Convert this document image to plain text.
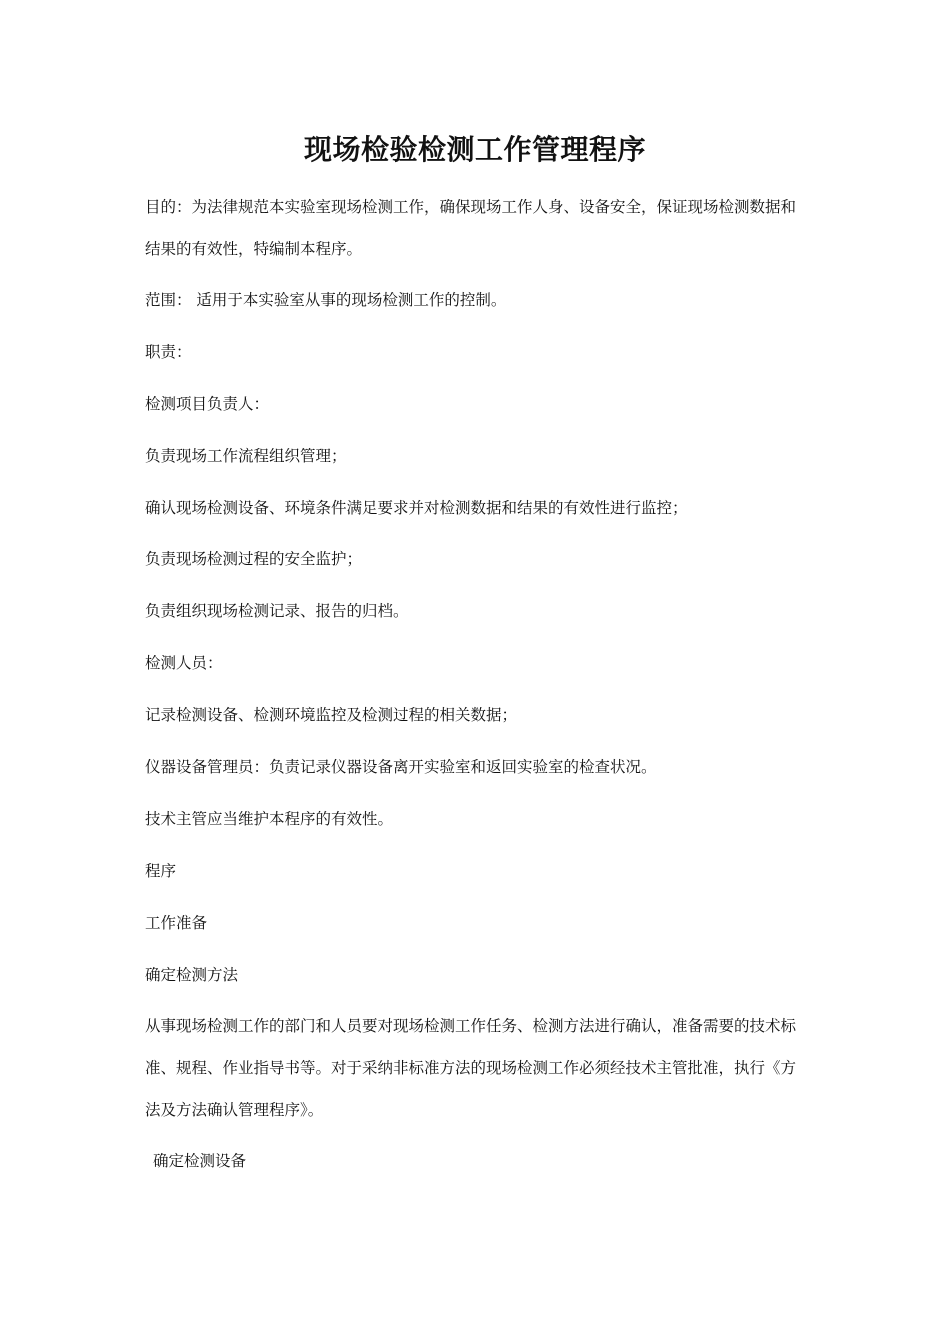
现场检验检测工作管理程序
目的：为法律规范本实验室现场检测工作，确保现场工作人身、设备安全，保证现场检测数据和结果的有效性，特编制本程序。
范围： 适用于本实验室从事的现场检测工作的控制。
职责：
检测项目负责人：
负责现场工作流程组织管理；
确认现场检测设备、环境条件满足要求并对检测数据和结果的有效性进行监控；
负责现场检测过程的安全监护；
负责组织现场检测记录、报告的归档。
检测人员：
记录检测设备、检测环境监控及检测过程的相关数据；
仪器设备管理员：负责记录仪器设备离开实验室和返回实验室的检查状况。
技术主管应当维护本程序的有效性。
程序
工作准备
确定检测方法
从事现场检测工作的部门和人员要对现场检测工作任务、检测方法进行确认，准备需要的技术标准、规程、作业指导书等。对于采纳非标准方法的现场检测工作必须经技术主管批准，执行《方法及方法确认管理程序》。
确定检测设备
